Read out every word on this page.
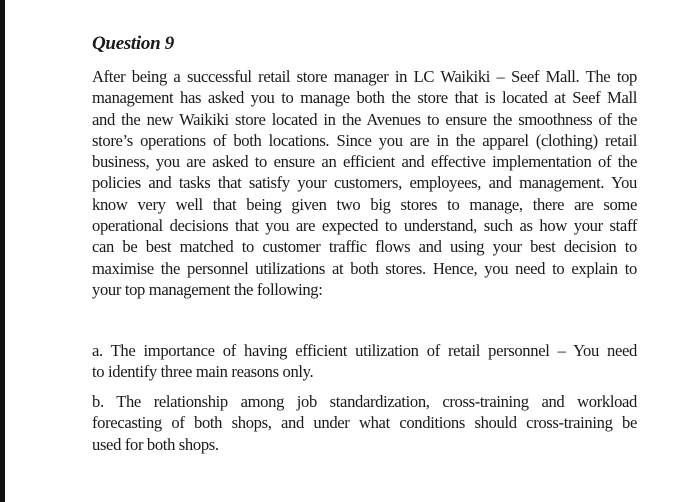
Question 9
After being a successful retail store manager in LC Waikiki – Seef Mall. The top
management has asked you to manage both the store that is located at Seef Mall
and the new Waikiki store located in the Avenues to ensure the smoothness of the
store’s operations of both locations. Since you are in the apparel (clothing) retail
business, you are asked to ensure an efficient and effective implementation of the
policies and tasks that satisfy your customers, employees, and management. You
know very well that being given two big stores to manage, there are some
operational decisions that you are expected to understand, such as how your staff
can be best matched to customer traffic flows and using your best decision to
maximise the personnel utilizations at both stores. Hence, you need to explain to
your top management the following:
a. The importance of having efficient utilization of retail personnel – You need
to identify three main reasons only.
b. The relationship among job standardization, cross-training and workload
forecasting of both shops, and under what conditions should cross-training be
used for both shops.
